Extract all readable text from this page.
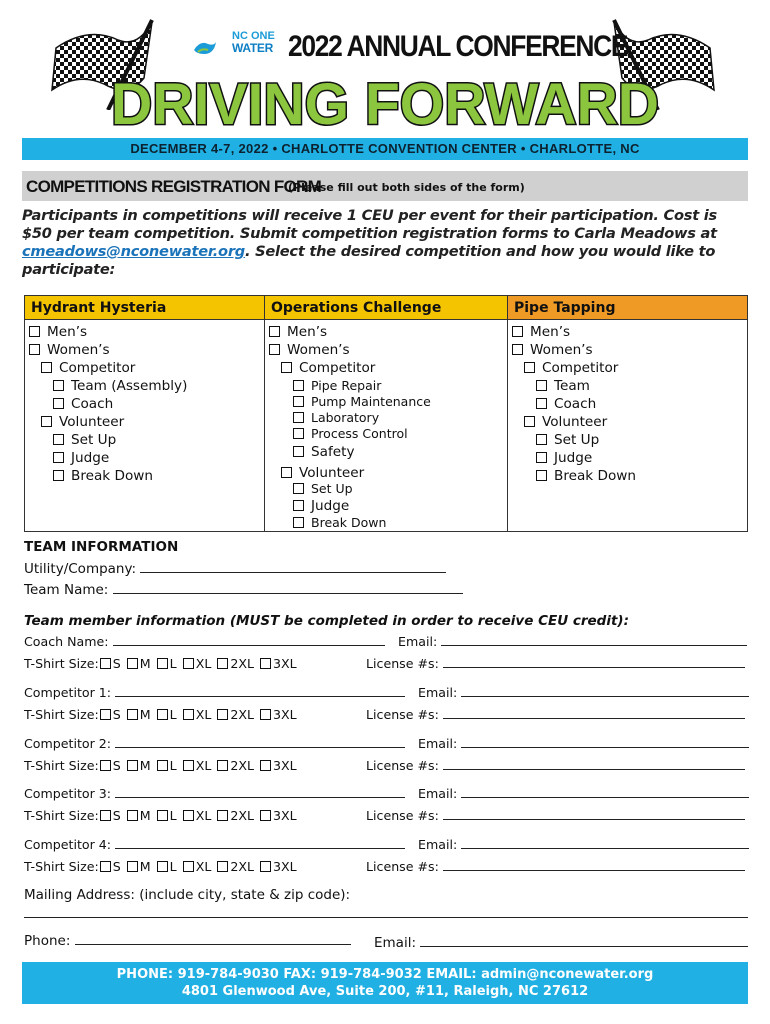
NC ONE
WATER 2022 ANNUAL CONFERENCE
DRIVING FORWARD
DECEMBER 4-7, 2022 • CHARLOTTE CONVENTION CENTER • CHARLOTTE, NC
COMPETITIONS REGISTRATION FORM
(Please fill out both sides of the form)
Participants in competitions will receive 1 CEU per event for their participation. Cost is $50 per team competition. Submit competition registration forms to Carla Meadows at cmeadows@nconewater.org. Select the desired competition and how you would like to participate:
Hydrant Hysteria
Men’s
Women’s
Competitor
Team (Assembly)
Coach
Volunteer
Set Up
Judge
Break Down
Operations Challenge
Men’s
Women’s
Competitor
Pipe Repair
Pump Maintenance
Laboratory
Process Control
Safety
Volunteer
Set Up
Judge
Break Down
Pipe Tapping
Men’s
Women’s
Competitor
Team
Coach
Volunteer
Set Up
Judge
Break Down
TEAM INFORMATION
Utility/Company:
Team Name:
Team member information (MUST be completed in order to receive CEU credit):
Coach Name:	Email:
T-Shirt Size: S M L XL 2XL 3XL	License #s:
Competitor 1:	Email:
T-Shirt Size: S M L XL 2XL 3XL	License #s:
Competitor 2:	Email:
T-Shirt Size: S M L XL 2XL 3XL	License #s:
Competitor 3:	Email:
T-Shirt Size: S M L XL 2XL 3XL	License #s:
Competitor 4:	Email:
T-Shirt Size: S M L XL 2XL 3XL	License #s:
Mailing Address: (include city, state & zip code):
Phone:	Email:
PHONE: 919-784-9030 FAX: 919-784-9032 EMAIL: admin@nconewater.org
4801 Glenwood Ave, Suite 200, #11, Raleigh, NC 27612
